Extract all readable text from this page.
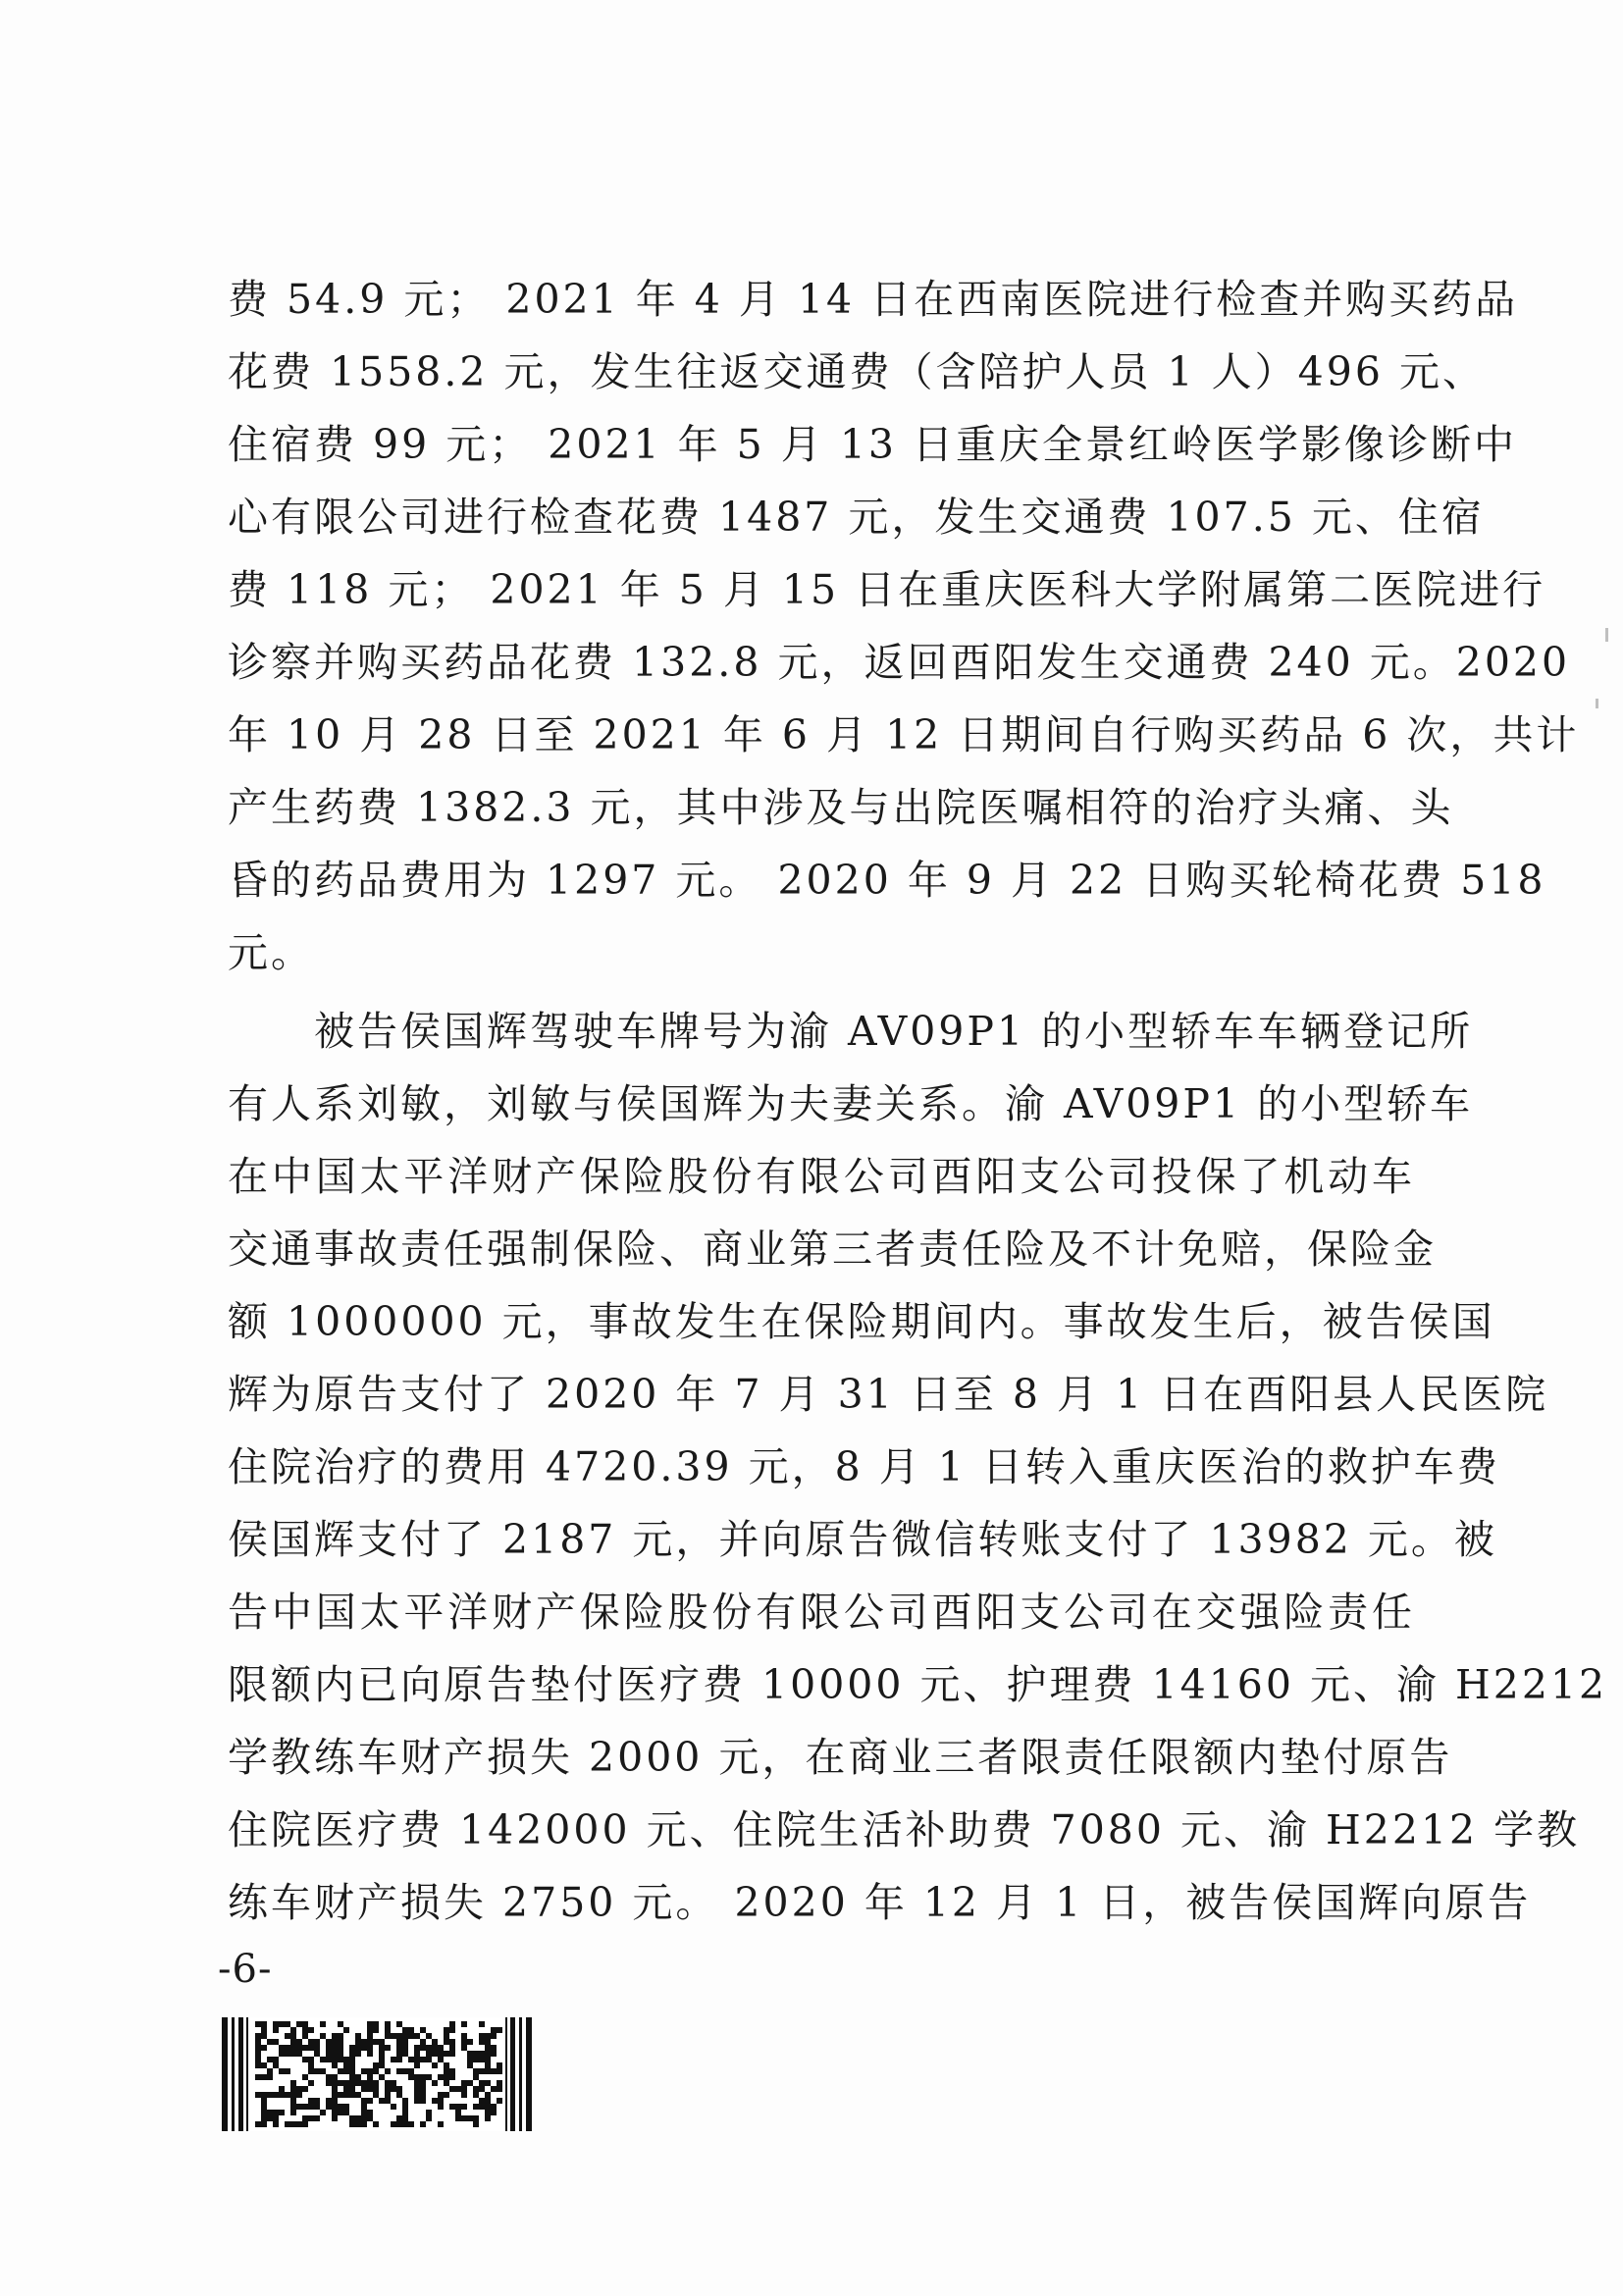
费 54.9 元； 2021 年 4 月 14 日在西南医院进行检查并购买药品
花费 1558.2 元，发生往返交通费（含陪护人员 1 人）496 元、
住宿费 99 元； 2021 年 5 月 13 日重庆全景红岭医学影像诊断中
心有限公司进行检查花费 1487 元，发生交通费 107.5 元、住宿
费 118 元； 2021 年 5 月 15 日在重庆医科大学附属第二医院进行
诊察并购买药品花费 132.8 元，返回酉阳发生交通费 240 元。2020
年 10 月 28 日至 2021 年 6 月 12 日期间自行购买药品 6 次，共计
产生药费 1382.3 元，其中涉及与出院医嘱相符的治疗头痛、头
昏的药品费用为 1297 元。 2020 年 9 月 22 日购买轮椅花费 518
元。
被告侯国辉驾驶车牌号为渝 AV09P1 的小型轿车车辆登记所
有人系刘敏，刘敏与侯国辉为夫妻关系。渝 AV09P1 的小型轿车
在中国太平洋财产保险股份有限公司酉阳支公司投保了机动车
交通事故责任强制保险、商业第三者责任险及不计免赔，保险金
额 1000000 元，事故发生在保险期间内。事故发生后，被告侯国
辉为原告支付了 2020 年 7 月 31 日至 8 月 1 日在酉阳县人民医院
住院治疗的费用 4720.39 元，8 月 1 日转入重庆医治的救护车费
侯国辉支付了 2187 元，并向原告微信转账支付了 13982 元。被
告中国太平洋财产保险股份有限公司酉阳支公司在交强险责任
限额内已向原告垫付医疗费 10000 元、护理费 14160 元、渝 H2212
学教练车财产损失 2000 元，在商业三者限责任限额内垫付原告
住院医疗费 142000 元、住院生活补助费 7080 元、渝 H2212 学教
练车财产损失 2750 元。 2020 年 12 月 1 日，被告侯国辉向原告
-6-
